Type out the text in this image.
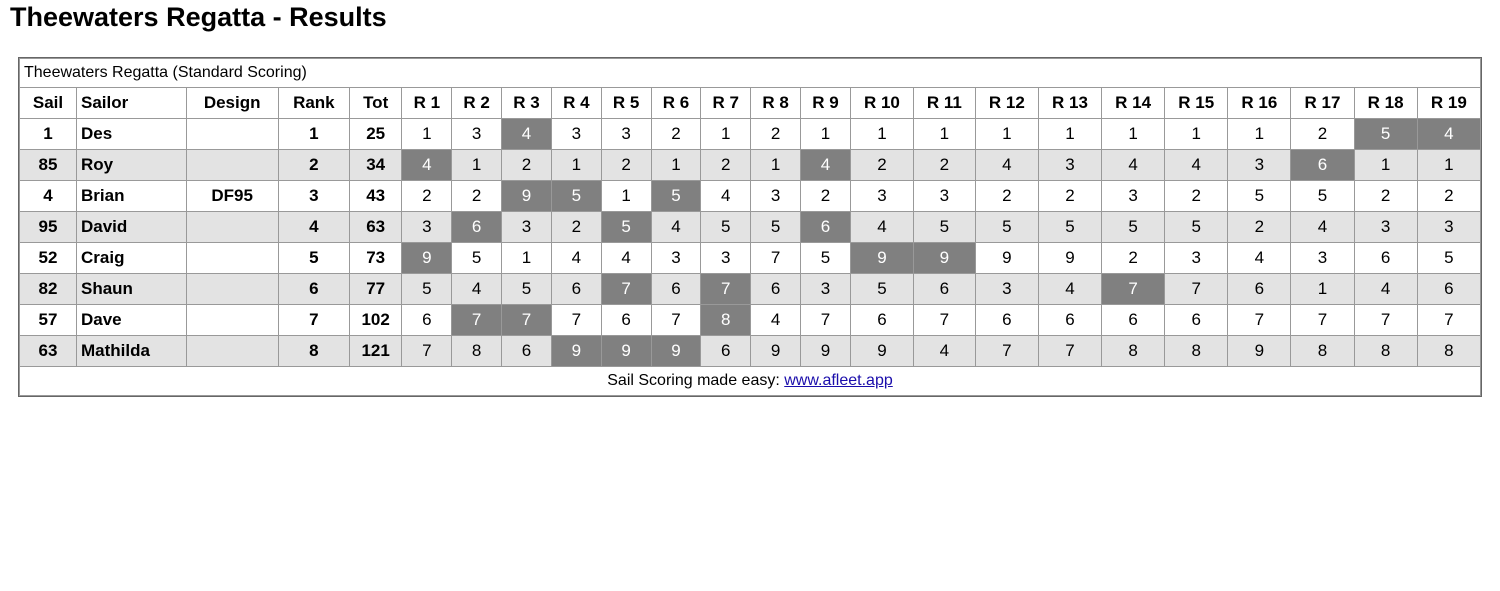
Theewaters Regatta - Results
Theewaters Regatta (Standard Scoring)																							
Sail	Sailor	Design	Rank	Tot	R 1	R 2	R 3	R 4	R 5	R 6	R 7	R 8	R 9	R 10	R 11	R 12	R 13	R 14	R 15	R 16	R 17	R 18	R 19
1	Des		1	25	1	3	4	3	3	2	1	2	1	1	1	1	1	1	1	1	2	5	4
85	Roy		2	34	4	1	2	1	2	1	2	1	4	2	2	4	3	4	4	3	6	1	1
4	Brian	DF95	3	43	2	2	9	5	1	5	4	3	2	3	3	2	2	3	2	5	5	2	2
95	David		4	63	3	6	3	2	5	4	5	5	6	4	5	5	5	5	5	2	4	3	3
52	Craig		5	73	9	5	1	4	4	3	3	7	5	9	9	9	9	2	3	4	3	6	5
82	Shaun		6	77	5	4	5	6	7	6	7	6	3	5	6	3	4	7	7	6	1	4	6
57	Dave		7	102	6	7	7	7	6	7	8	4	7	6	7	6	6	6	6	7	7	7	7
63	Mathilda		8	121	7	8	6	9	9	9	6	9	9	9	4	7	7	8	8	9	8	8	8
Sail Scoring made easy: www.afleet.app																							
